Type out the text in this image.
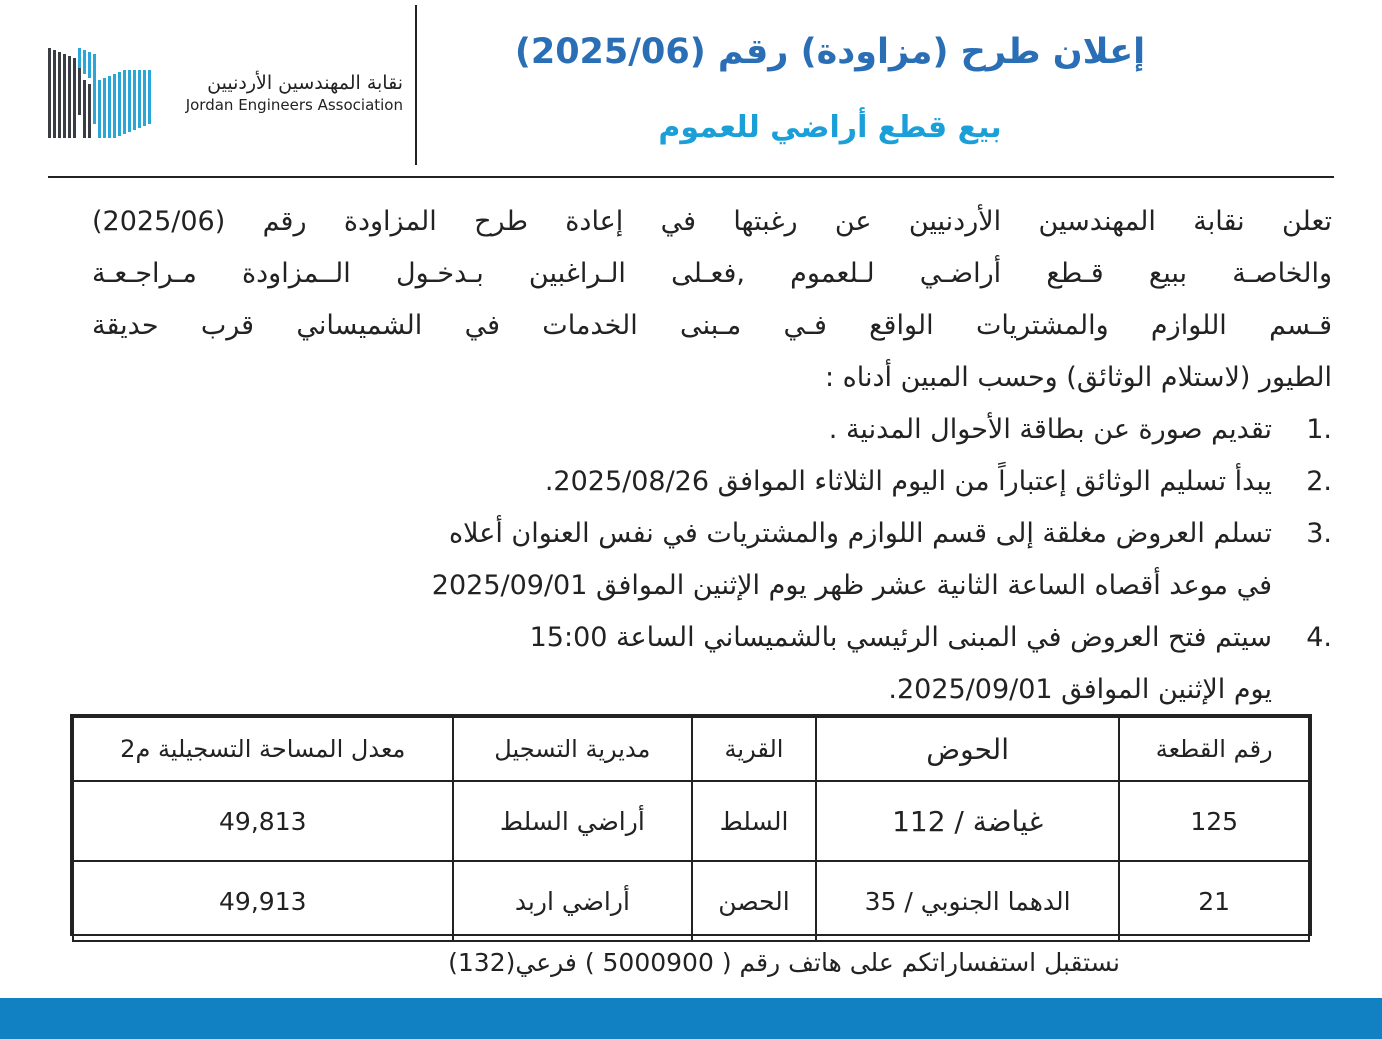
نقابة المهندسين الأردنيين
Jordan Engineers Association
إعلان طرح (مزاودة) رقم (2025/06)
بيع قطع أراضي للعموم
تعلن نقابة المهندسين الأردنيين عن رغبتها في إعادة طرح المزاودة رقم (2025/06)
والخاصـة ببيع قـطع أراضـي لـلعموم ,فعـلى الـراغبين بـدخـول الــمزاودة مـراجـعـة
قـسم اللوازم والمشتريات الواقع فـي مـبنى الخدمات في الشميساني قرب حديقة
الطيور (لاستلام الوثائق) وحسب المبين أدناه :
1.
تقديم صورة عن بطاقة الأحوال المدنية .
2.
يبدأ تسليم الوثائق إعتباراً من اليوم الثلاثاء الموافق 2025/08/26.
3.
تسلم العروض مغلقة إلى قسم اللوازم والمشتريات في نفس العنوان أعلاه
في موعد أقصاه الساعة الثانية عشر ظهر يوم الإثنين الموافق 2025/09/01
4.
سيتم فتح العروض في المبنى الرئيسي بالشميساني الساعة 15:00
يوم الإثنين الموافق 2025/09/01.
رقم القطعة	الحوض	القرية	مديرية التسجيل	معدل المساحة التسجيلية م2
125	غياضة / 112	السلط	أراضي السلط	49,813
21	الدهما الجنوبي / 35	الحصن	أراضي اربد	49,913
نستقبل استفساراتكم على هاتف رقم ( 5000900 ) فرعي(132)
